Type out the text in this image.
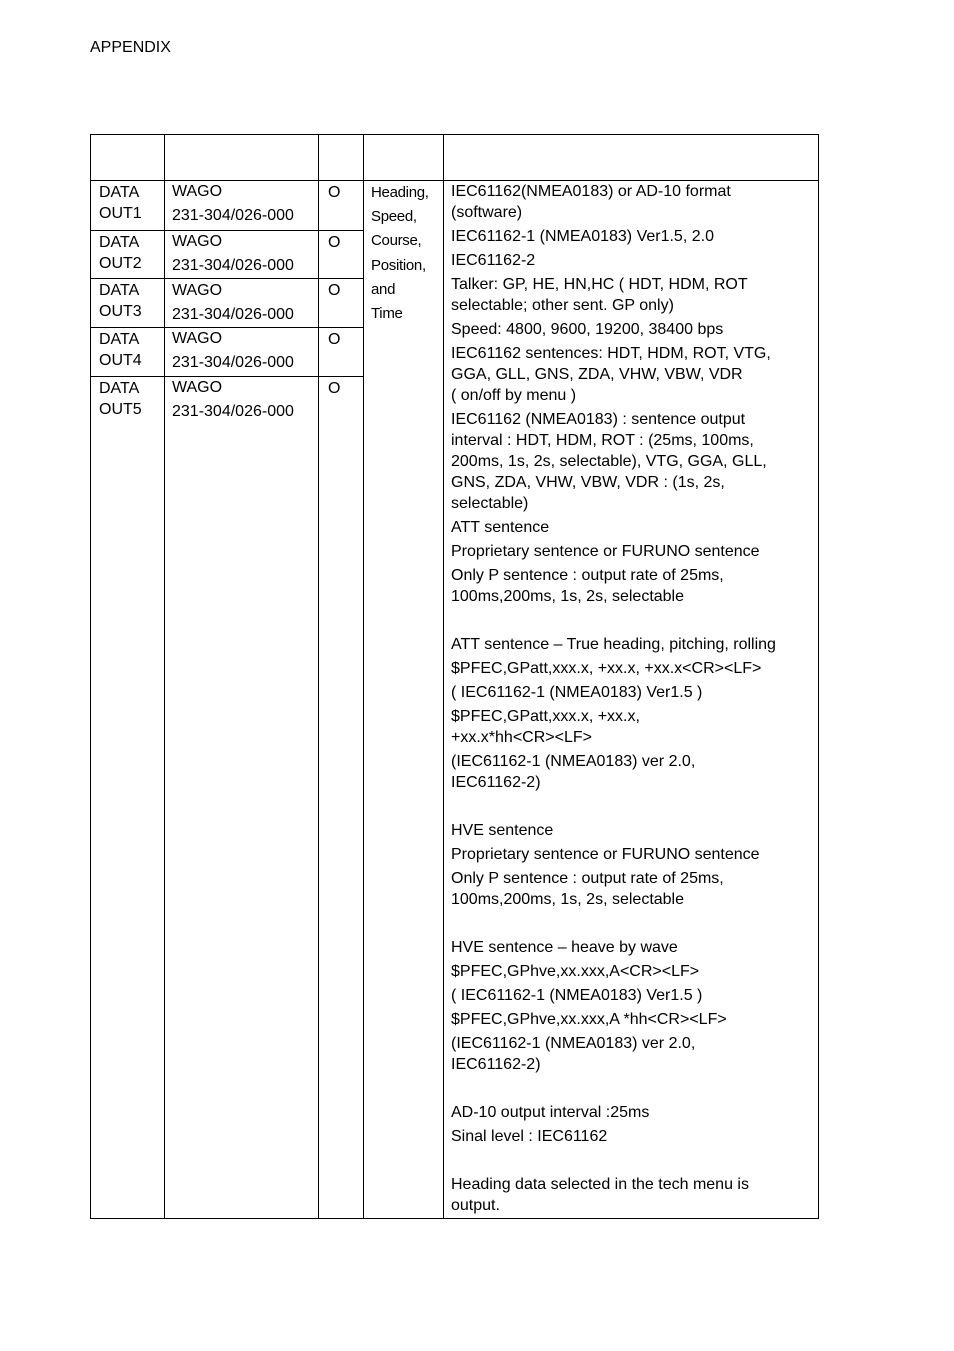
APPENDIX
DATA
OUT1
WAGO
231-304/026-000
O
DATA
OUT2
WAGO
231-304/026-000
O
DATA
OUT3
WAGO
231-304/026-000
O
DATA
OUT4
WAGO
231-304/026-000
O
DATA
OUT5
WAGO
231-304/026-000
O
Heading,
Speed,
Course,
Position,
and
Time
IEC61162(NMEA0183) or AD-10 format
(software)
IEC61162-1 (NMEA0183) Ver1.5, 2.0
IEC61162-2
Talker: GP, HE, HN,HC ( HDT, HDM, ROT
selectable; other sent. GP only)
Speed: 4800, 9600, 19200, 38400 bps
IEC61162 sentences: HDT, HDM, ROT, VTG,
GGA, GLL, GNS, ZDA, VHW, VBW, VDR
( on/off by menu )
IEC61162 (NMEA0183) : sentence output
interval : HDT, HDM, ROT : (25ms, 100ms,
200ms, 1s, 2s, selectable), VTG, GGA, GLL,
GNS, ZDA, VHW, VBW, VDR : (1s, 2s,
selectable)
ATT sentence
Proprietary sentence or FURUNO sentence
Only P sentence : output rate of 25ms,
100ms,200ms, 1s, 2s, selectable
ATT sentence – True heading, pitching, rolling
$PFEC,GPatt,xxx.x, +xx.x, +xx.x<CR><LF>
( IEC61162-1 (NMEA0183) Ver1.5 )
$PFEC,GPatt,xxx.x, +xx.x,
+xx.x*hh<CR><LF>
(IEC61162-1 (NMEA0183) ver 2.0,
IEC61162-2)
HVE sentence
Proprietary sentence or FURUNO sentence
Only P sentence : output rate of 25ms,
100ms,200ms, 1s, 2s, selectable
HVE sentence – heave by wave
$PFEC,GPhve,xx.xxx,A<CR><LF>
( IEC61162-1 (NMEA0183) Ver1.5 )
$PFEC,GPhve,xx.xxx,A *hh<CR><LF>
(IEC61162-1 (NMEA0183) ver 2.0,
IEC61162-2)
AD-10 output interval :25ms
Sinal level : IEC61162
Heading data selected in the tech menu is
output.
